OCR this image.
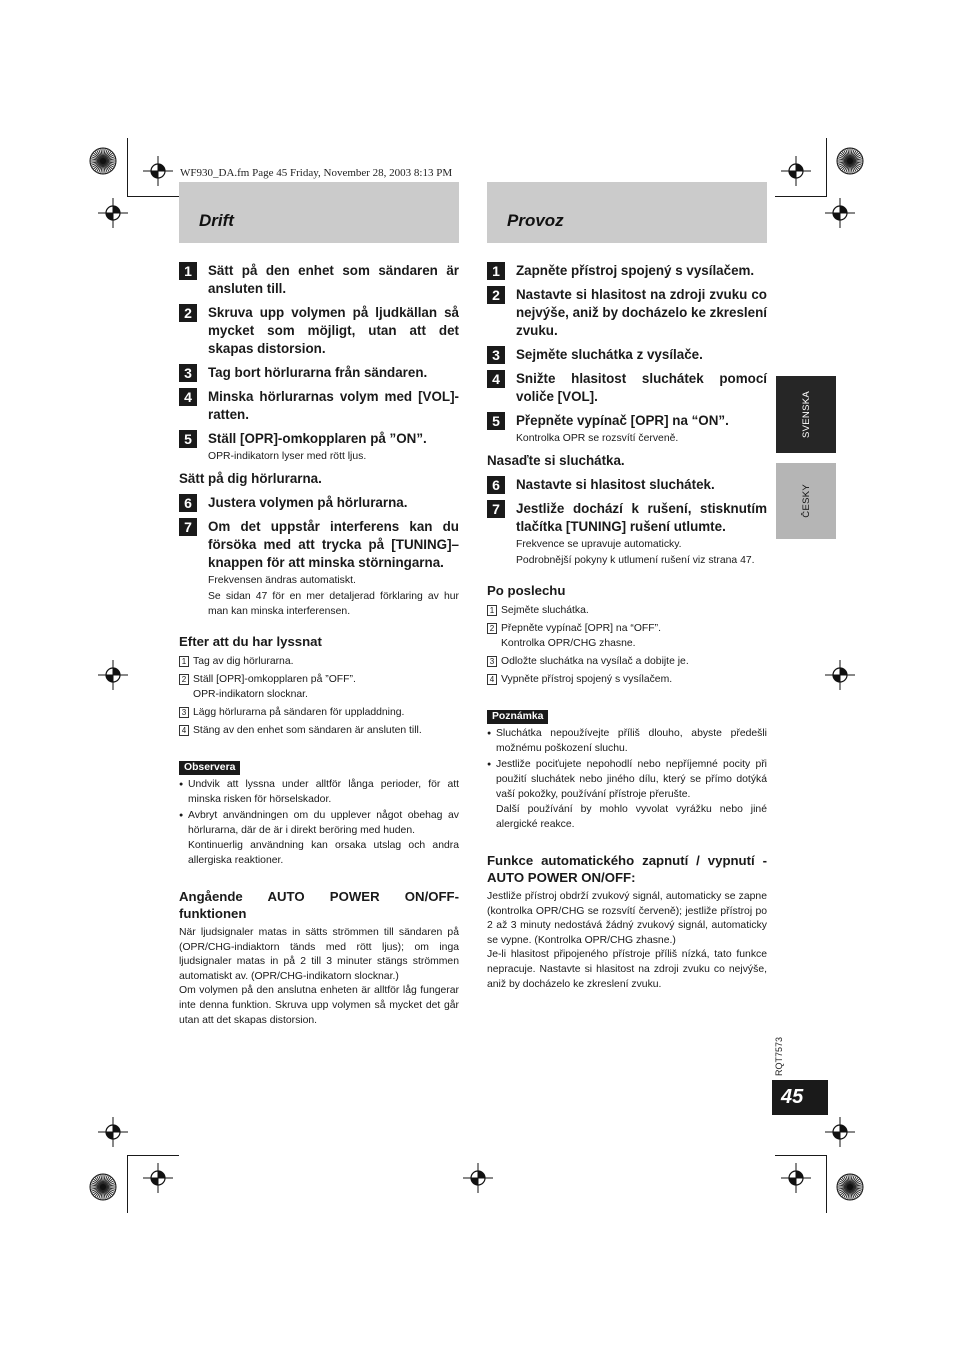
WF930_DA.fm Page 45 Friday, November 28, 2003 8:13 PM
Drift
1	Sätt på den enhet som sändaren är ansluten till.
2	Skruva upp volymen på ljudkällan så mycket som möjligt, utan att det skapas distorsion.
3	Tag bort hörlurarna från sändaren.
4	Minska hörlurarnas volym med [VOL]-ratten.
5	Ställ [OPR]-omkopplaren på ”ON”.
OPR-indikatorn lyser med rött ljus.
Sätt på dig hörlurarna.
6	Justera volymen på hörlurarna.
7	Om det uppstår interferens kan du försöka med att trycka på [TUNING]–knappen för att minska störningarna.
Frekvensen ändras automatiskt.
Se sidan 47 för en mer detaljerad förklaring av hur man kan minska interferensen.
Efter att du har lyssnat
1 Tag av dig hörlurarna.
2 Ställ [OPR]-omkopplaren på ”OFF”.
OPR-indikatorn slocknar.
3 Lägg hörlurarna på sändaren för uppladdning.
4 Stäng av den enhet som sändaren är ansluten till.
Observera
● Undvik att lyssna under alltför långa perioder, för att minska risken för hörselskador.
● Avbryt användningen om du upplever något obehag av hörlurarna, där de är i direkt beröring med huden.
Kontinuerlig användning kan orsaka utslag och andra allergiska reaktioner.
Angående AUTO POWER ON/OFF-funktionen
När ljudsignaler matas in sätts strömmen till sändaren på (OPR/CHG-indiaktorn tänds med rött ljus); om inga ljudsignaler matas in på 2 till 3 minuter stängs strömmen automatiskt av. (OPR/CHG-indikatorn slocknar.)
Om volymen på den anslutna enheten är alltför låg fungerar inte denna funktion. Skruva upp volymen så mycket det går utan att det skapas distorsion.
Provoz
1	Zapněte přístroj spojený s vysílačem.
2	Nastavte si hlasitost na zdroji zvuku co nejvýše, aniž by docházelo ke zkreslení zvuku.
3	Sejměte sluchátka z vysílače.
4	Snižte hlasitost sluchátek pomocí voliče [VOL].
5	Přepněte vypínač [OPR] na “ON”.
Kontrolka OPR se rozsvítí červeně.
Nasaďte si sluchátka.
6	Nastavte si hlasitost sluchátek.
7	Jestliže dochází k rušení, stisknutím tlačítka [TUNING] rušení utlumte.
Frekvence se upravuje automaticky.
Podrobnější pokyny k utlumení rušení viz strana 47.
Po poslechu
1 Sejměte sluchátka.
2 Přepněte vypínač [OPR] na “OFF”.
Kontrolka OPR/CHG zhasne.
3 Odložte sluchátka na vysílač a dobijte je.
4 Vypněte přístroj spojený s vysílačem.
Poznámka
● Sluchátka nepoužívejte příliš dlouho, abyste předešli možnému poškození sluchu.
● Jestliže pociťujete nepohodlí nebo nepříjemné pocity při použití sluchátek nebo jiného dílu, který se přímo dotýká vaší pokožky, používání přístroje přerušte.
Další používání by mohlo vyvolat vyrážku nebo jiné alergické reakce.
Funkce automatického zapnutí / vypnutí - AUTO POWER ON/OFF:
Jestliže přístroj obdrží zvukový signál, automaticky se zapne (kontrolka OPR/CHG se rozsvítí červeně); jestliže přístroj po 2 až 3 minuty nedostává žádný zvukový signál, automaticky se vypne. (Kontrolka OPR/CHG zhasne.)
Je-li hlasitost připojeného přístroje příliš nízká, tato funkce nepracuje. Nastavte si hlasitost na zdroji zvuku co nejvýše, aniž by docházelo ke zkreslení zvuku.
SVENSKA
ČESKY
RQT7573
45
